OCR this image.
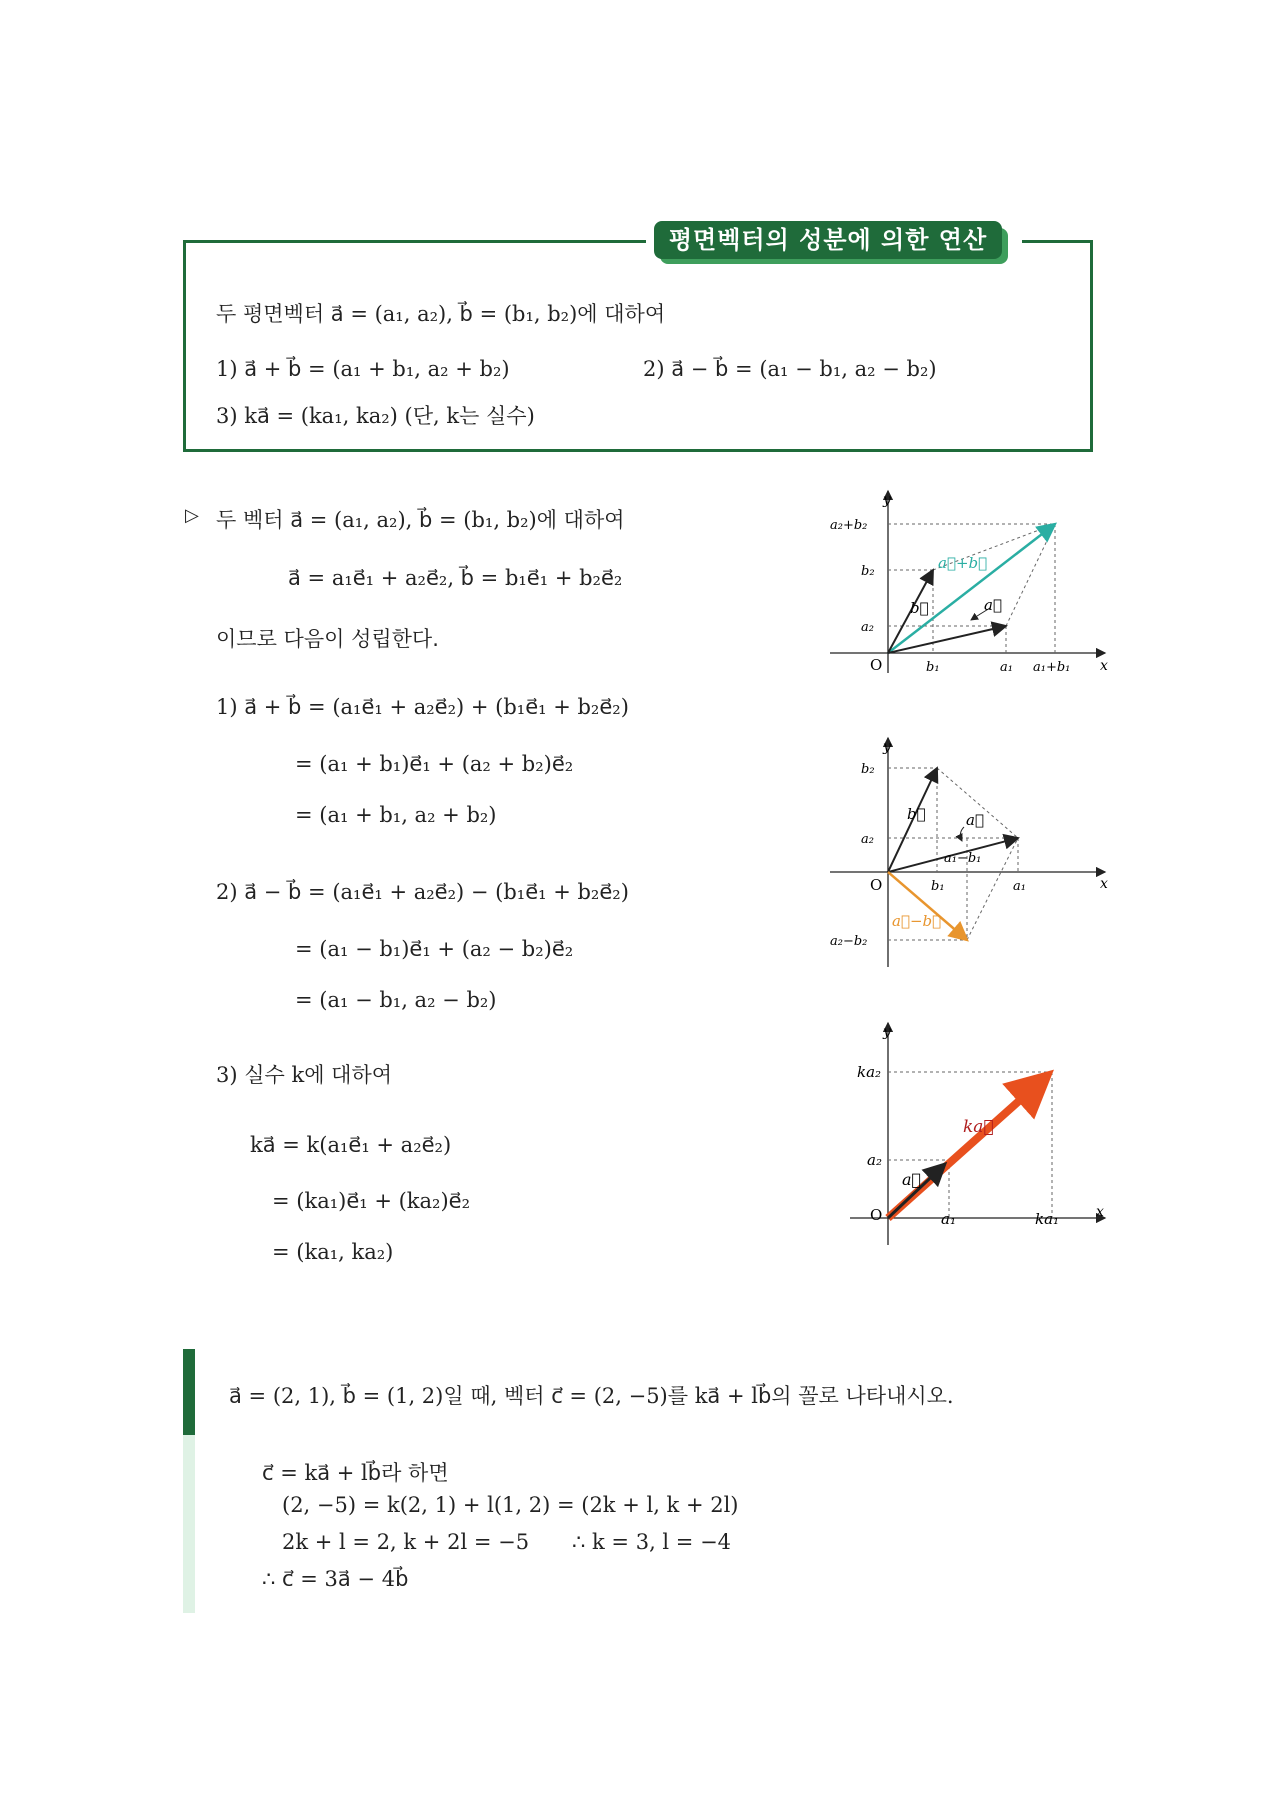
평면벡터의 성분에 의한 연산
두 평면벡터 a⃗ = (a₁, a₂), b⃗ = (b₁, b₂)에 대하여
1) a⃗ + b⃗ = (a₁ + b₁, a₂ + b₂)	2) a⃗ − b⃗ = (a₁ − b₁, a₂ − b₂)
3) ka⃗ = (ka₁, ka₂) (단, k는 실수)
▷ 두 벡터 a⃗ = (a₁, a₂), b⃗ = (b₁, b₂)에 대하여
a⃗ = a₁e⃗₁ + a₂e⃗₂, b⃗ = b₁e⃗₁ + b₂e⃗₂
이므로 다음이 성립한다.
1) a⃗ + b⃗ = (a₁e⃗₁ + a₂e⃗₂) + (b₁e⃗₁ + b₂e⃗₂)
= (a₁ + b₁)e⃗₁ + (a₂ + b₂)e⃗₂
= (a₁ + b₁, a₂ + b₂)
2) a⃗ − b⃗ = (a₁e⃗₁ + a₂e⃗₂) − (b₁e⃗₁ + b₂e⃗₂)
= (a₁ − b₁)e⃗₁ + (a₂ − b₂)e⃗₂
= (a₁ − b₁, a₂ − b₂)
3) 실수 k에 대하여
ka⃗ = k(a₁e⃗₁ + a₂e⃗₂)
= (ka₁)e⃗₁ + (ka₂)e⃗₂
= (ka₁, ka₂)
y
x
O
a₂+b₂
b₂
a₂
b₁	a₁ a₁+b₁
a⃗+b⃗
b⃗	a⃗
y
x
O
b₂
a₂
b₁	a₁
a₁−b₁
a₂−b₂
b⃗	a⃗
a⃗−b⃗
y
x
O
ka₂
a₂
a₁	ka₁
ka⃗
a⃗
a⃗ = (2, 1), b⃗ = (1, 2)일 때, 벡터 c⃗ = (2, −5)를 ka⃗ + lb⃗의 꼴로 나타내시오.
c⃗ = ka⃗ + lb⃗라 하면
(2, −5) = k(2, 1) + l(1, 2) = (2k + l, k + 2l)
2k + l = 2, k + 2l = −5 ∴ k = 3, l = −4
∴ c⃗ = 3a⃗ − 4b⃗
